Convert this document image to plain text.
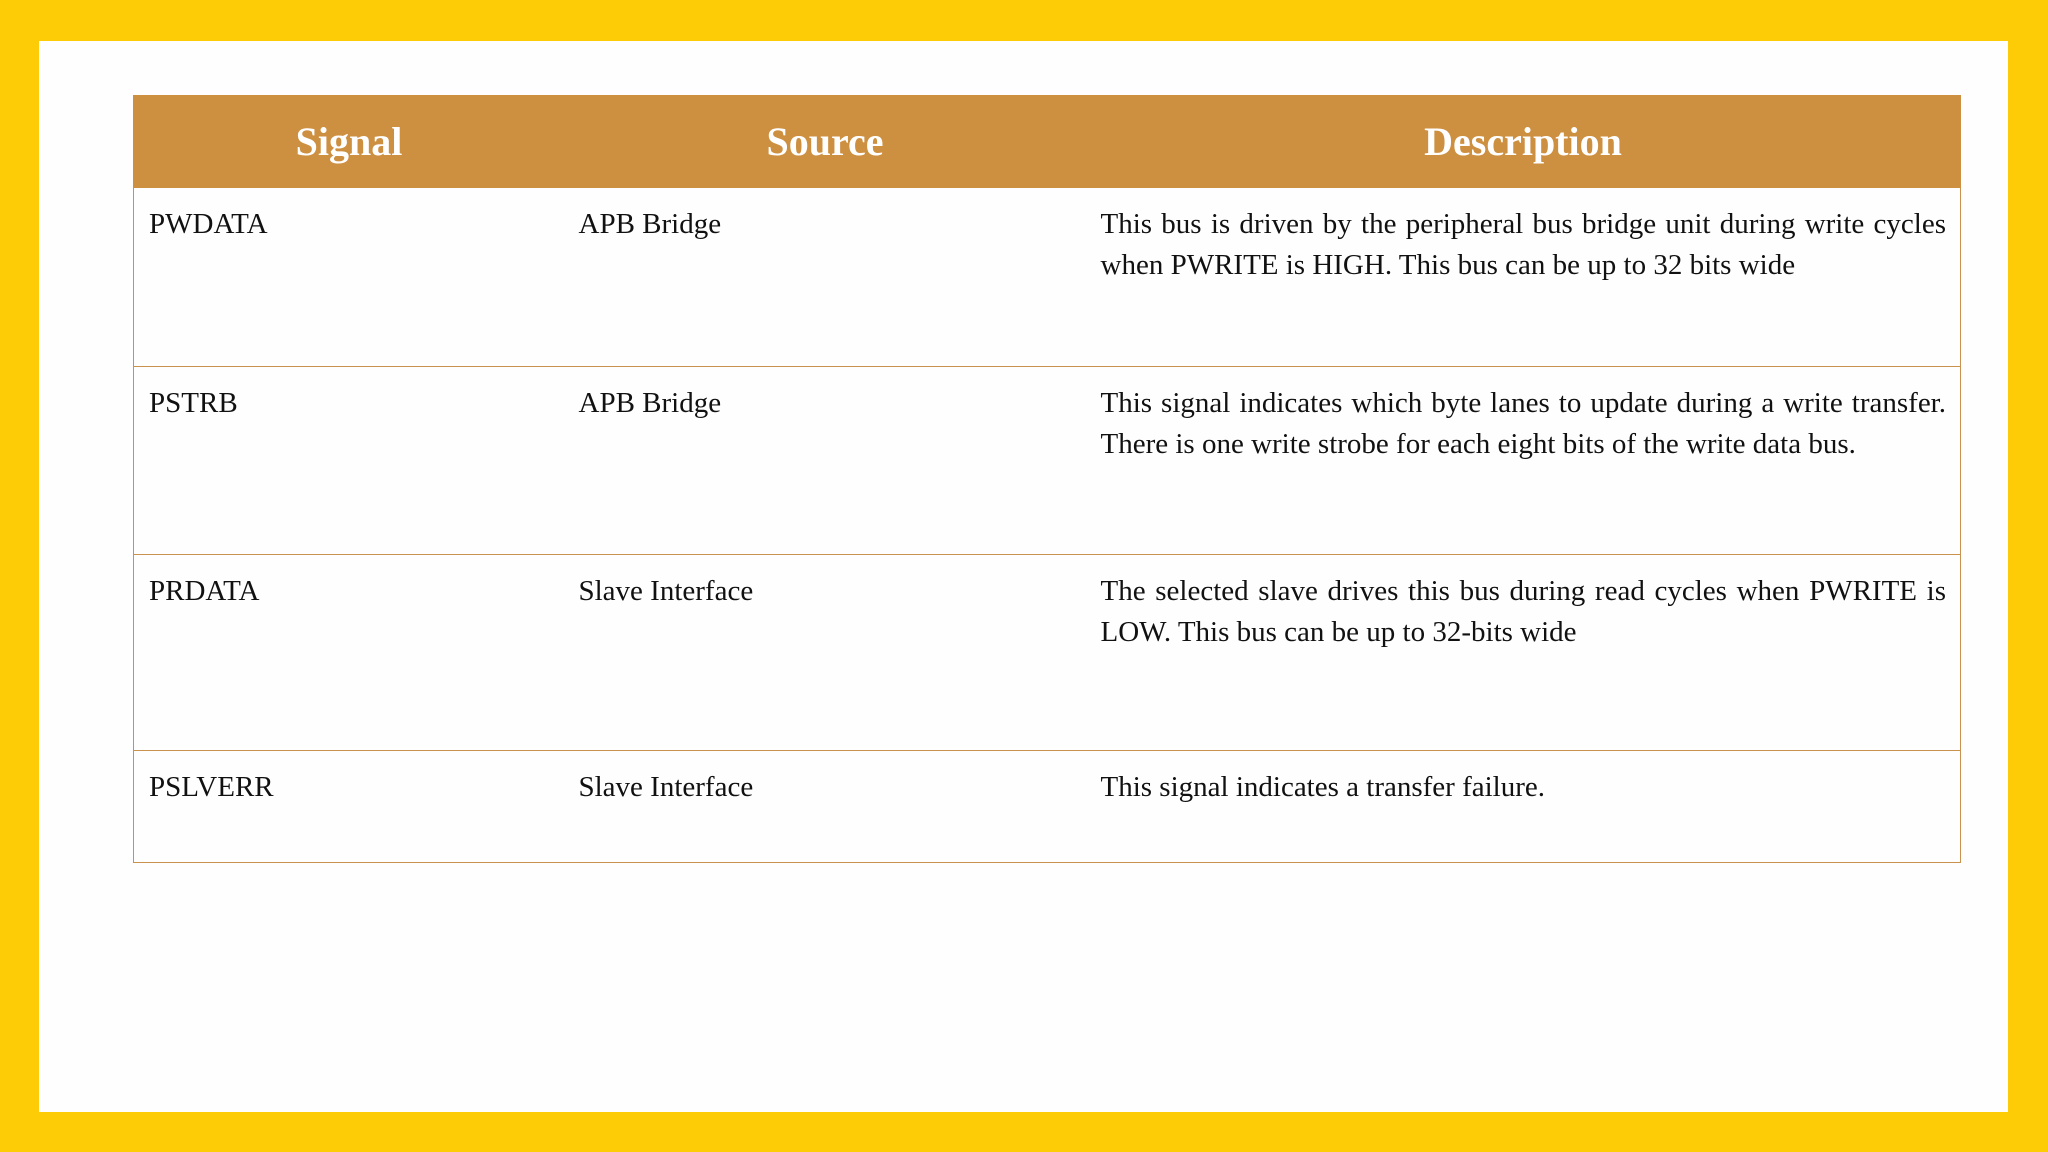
Signal	Source	Description
PWDATA	APB Bridge	This bus is driven by the peripheral bus bridge unit during write cycles when PWRITE is HIGH. This bus can be up to 32 bits wide
PSTRB	APB Bridge	This signal indicates which byte lanes to update during a write transfer. There is one write strobe for each eight bits of the write data bus.
PRDATA	Slave Interface	The selected slave drives this bus during read cycles when PWRITE is LOW. This bus can be up to 32-bits wide
PSLVERR	Slave Interface	This signal indicates a transfer failure.
